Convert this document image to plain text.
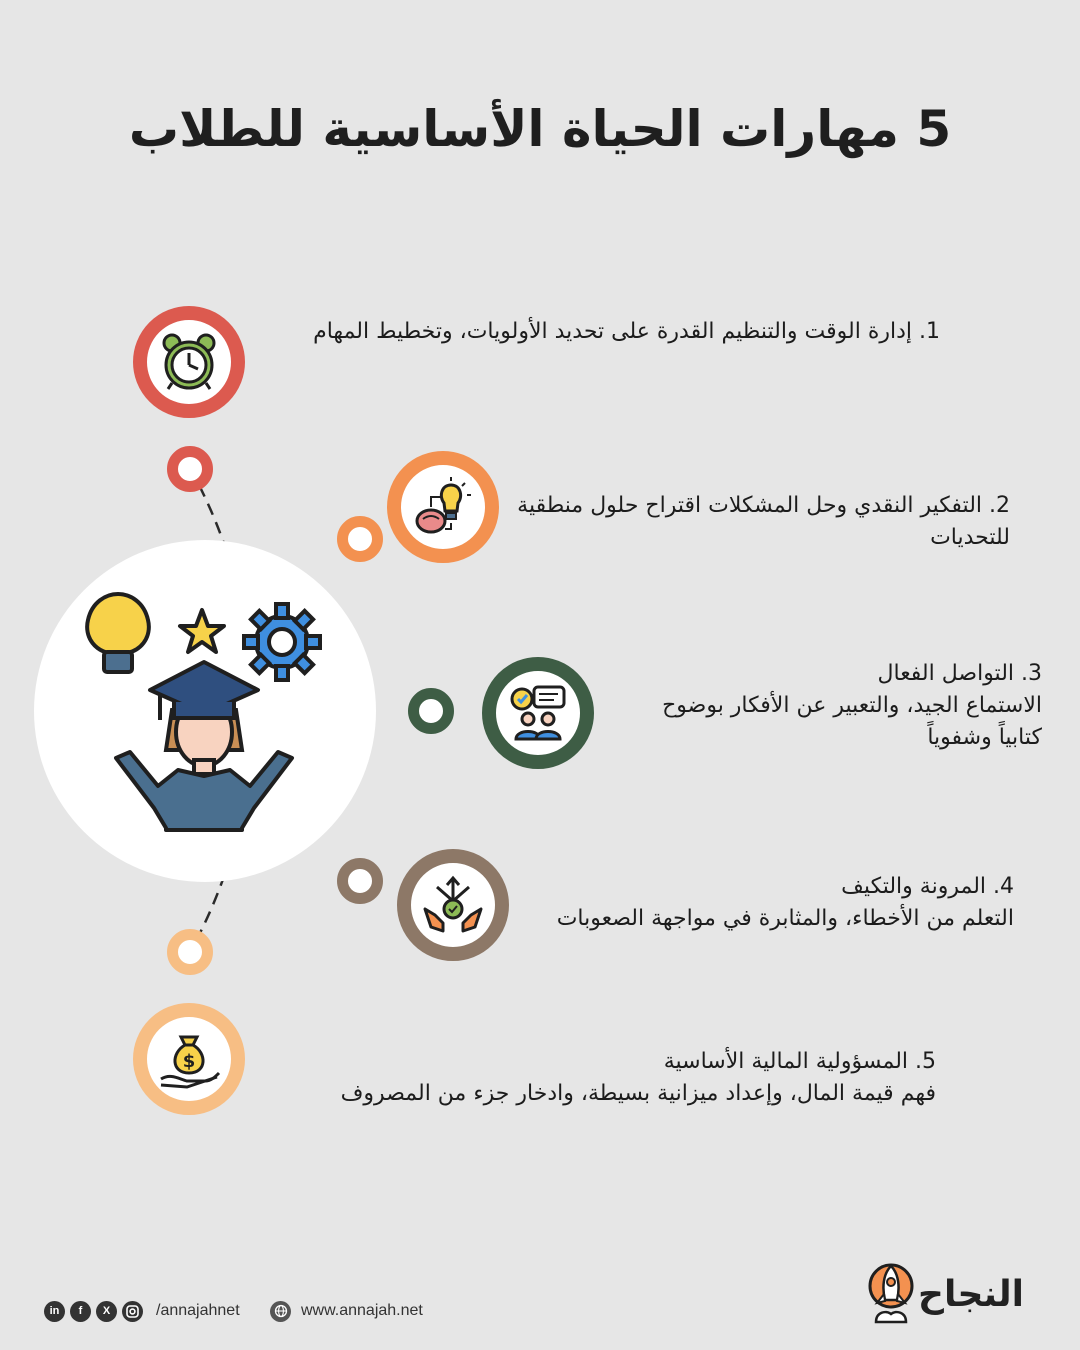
5 مهارات الحياة الأساسية للطلاب

1. إدارة الوقت والتنظيم القدرة على تحديد الأولويات، وتخطيط المهام

2. التفكير النقدي وحل المشكلات اقتراح حلول منطقية

للتحديات

3. التواصل الفعال

الاستماع الجيد، والتعبير عن الأفكار بوضوح

كتابياً وشفوياً

4. المرونة والتكيف

التعلم من الأخطاء، والمثابرة في مواجهة الصعوبات

$	5. المسؤولية المالية الأساسية

فهم قيمة المال، وإعداد ميزانية بسيطة، وادخار جزء من المصروف

in	f	X	/annajahnet	www.annajah.net	النجاح
